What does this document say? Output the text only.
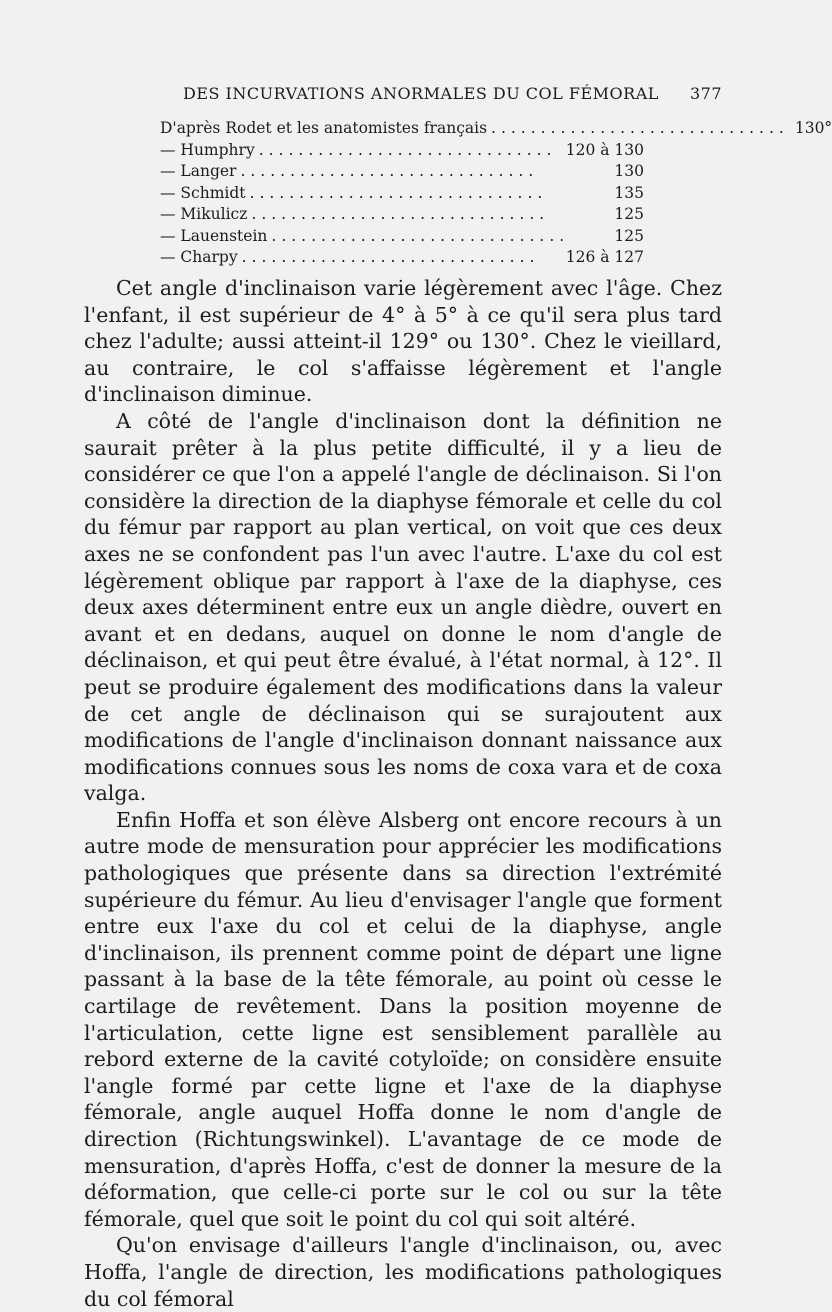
DES INCURVATIONS ANORMALES DU COL FÉMORAL 377
D'après Rodet et les anatomistes français .............................. 130°
— Humphry .............................. 120 à 130
— Langer ..............................	130
— Schmidt ..............................	135
— Mikulicz ..............................	125
— Lauenstein ..............................	125
— Charpy ..............................	126 à 127

Cet angle d'inclinaison varie légèrement avec l'âge. Chez l'enfant, il est supérieur de 4° à 5° à ce qu'il sera plus tard chez l'adulte; aussi atteint-il 129° ou 130°. Chez le vieillard, au contraire, le col s'affaisse légèrement et l'angle d'inclinaison diminue.

A côté de l'angle d'inclinaison dont la définition ne saurait prêter à la plus petite difficulté, il y a lieu de considérer ce que l'on a appelé l'angle de déclinaison. Si l'on considère la direction de la diaphyse fémorale et celle du col du fémur par rapport au plan vertical, on voit que ces deux axes ne se confondent pas l'un avec l'autre. L'axe du col est légèrement oblique par rapport à l'axe de la diaphyse, ces deux axes déterminent entre eux un angle dièdre, ouvert en avant et en dedans, auquel on donne le nom d'angle de déclinaison, et qui peut être évalué, à l'état normal, à 12°. Il peut se produire également des modifications dans la valeur de cet angle de déclinaison qui se surajoutent aux modifications de l'angle d'inclinaison donnant naissance aux modifications connues sous les noms de coxa vara et de coxa valga.

Enfin Hoffa et son élève Alsberg ont encore recours à un autre mode de mensuration pour apprécier les modifications pathologiques que présente dans sa direction l'extrémité supérieure du fémur. Au lieu d'envisager l'angle que forment entre eux l'axe du col et celui de la diaphyse, angle d'inclinaison, ils prennent comme point de départ une ligne passant à la base de la tête fémorale, au point où cesse le cartilage de revêtement. Dans la position moyenne de l'articulation, cette ligne est sensiblement parallèle au rebord externe de la cavité cotyloïde; on considère ensuite l'angle formé par cette ligne et l'axe de la diaphyse fémorale, angle auquel Hoffa donne le nom d'angle de direction (Richtungswinkel). L'avantage de ce mode de mensuration, d'après Hoffa, c'est de donner la mesure de la déformation, que celle-ci porte sur le col ou sur la tête fémorale, quel que soit le point du col qui soit altéré.

Qu'on envisage d'ailleurs l'angle d'inclinaison, ou, avec Hoffa, l'angle de direction, les modifications pathologiques du col fémoral
